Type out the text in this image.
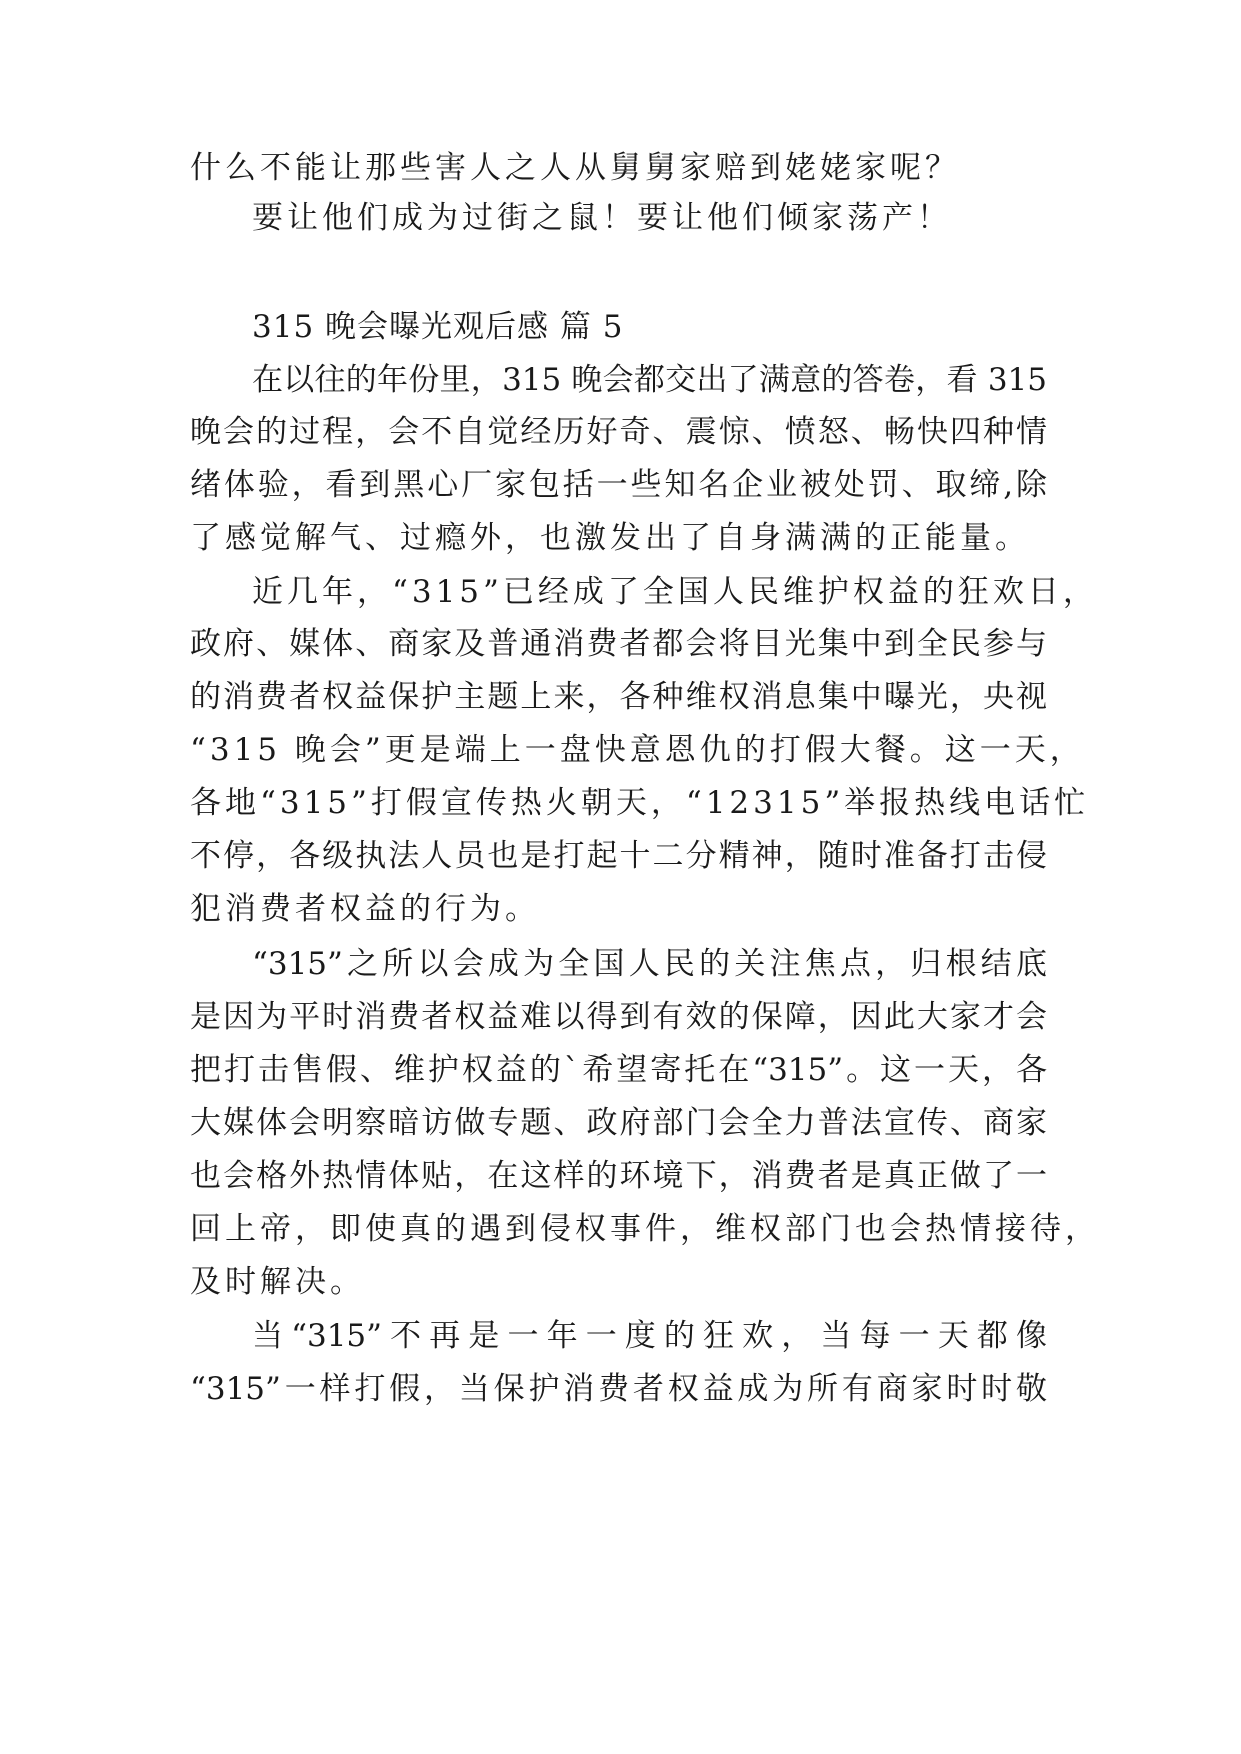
什么不能让那些害人之人从舅舅家赔到姥姥家呢？
要让他们成为过街之鼠！要让他们倾家荡产！
315 晚会曝光观后感 篇 5
在以往的年份里，315 晚会都交出了满意的答卷，看 315
晚会的过程，会不自觉经历好奇、震惊、愤怒、畅快四种情
绪体验，看到黑心厂家包括一些知名企业被处罚、取缔,除
了感觉解气、过瘾外，也激发出了自身满满的正能量。
近几年，“315”已经成了全国人民维护权益的狂欢日，
政府、媒体、商家及普通消费者都会将目光集中到全民参与
的消费者权益保护主题上来，各种维权消息集中曝光，央视
“315 晚会”更是端上一盘快意恩仇的打假大餐。这一天，
各地“315”打假宣传热火朝天，“12315”举报热线电话忙
不停，各级执法人员也是打起十二分精神，随时准备打击侵
犯消费者权益的行为。
“315”之所以会成为全国人民的关注焦点，归根结底
是因为平时消费者权益难以得到有效的保障，因此大家才会
把打击售假、维护权益的`希望寄托在“315”。这一天，各
大媒体会明察暗访做专题、政府部门会全力普法宣传、商家
也会格外热情体贴，在这样的环境下，消费者是真正做了一
回上帝，即使真的遇到侵权事件，维权部门也会热情接待，
及时解决。
当“315”不再是一年一度的狂欢，当每一天都像
“315”一样打假，当保护消费者权益成为所有商家时时敬
